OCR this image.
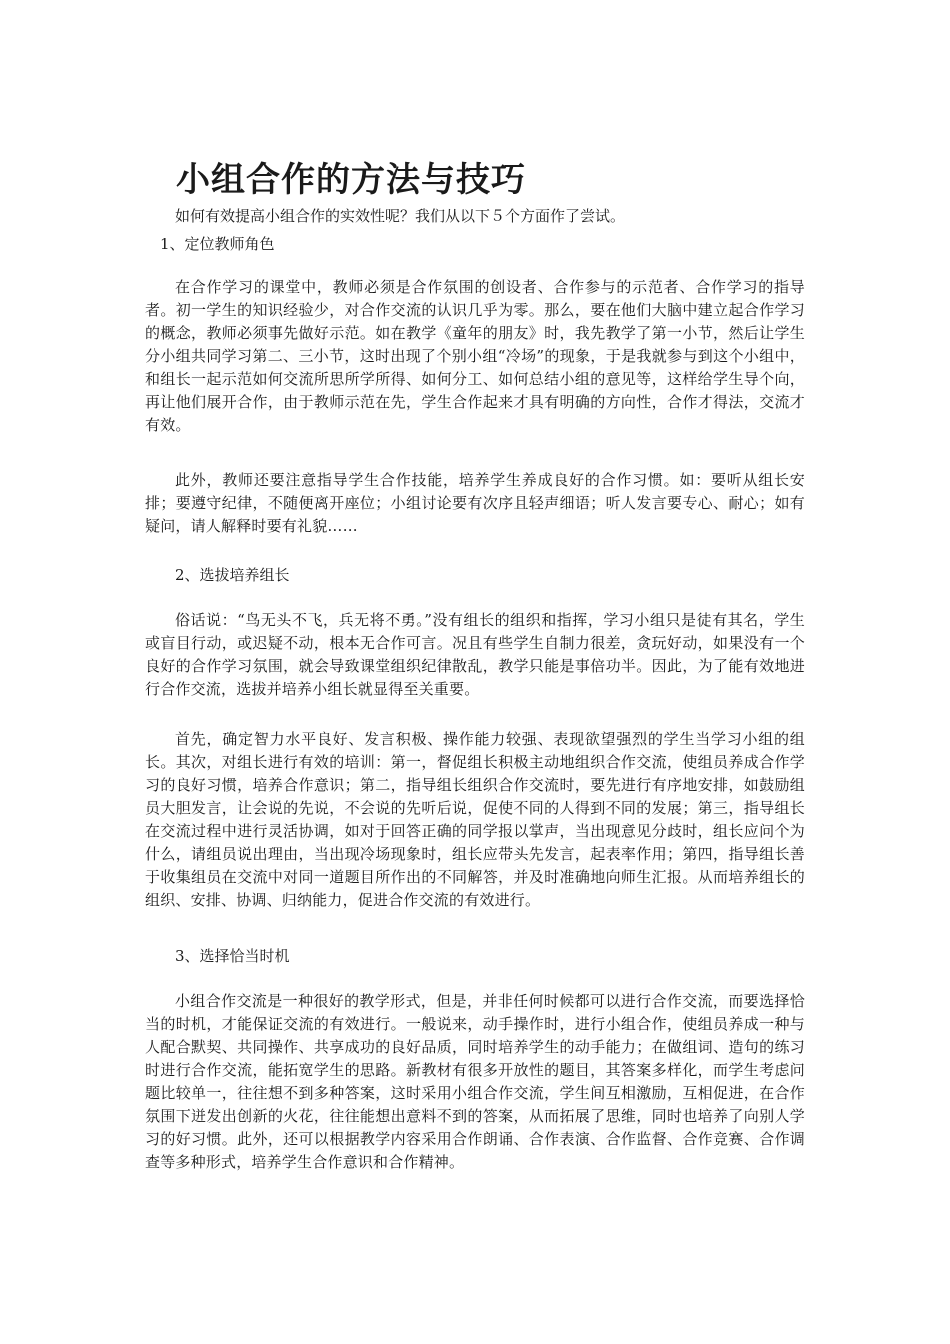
小组合作的方法与技巧

如何有效提高小组合作的实效性呢？我们从以下５个方面作了尝试。

1、定位教师角色

在合作学习的课堂中，教师必须是合作氛围的创设者、合作参与的示范者、合作学习的指导者。初一学生的知识经验少，对合作交流的认识几乎为零。那么，要在他们大脑中建立起合作学习的概念，教师必须事先做好示范。如在教学《童年的朋友》时，我先教学了第一小节，然后让学生分小组共同学习第二、三小节，这时出现了个别小组“冷场”的现象，于是我就参与到这个小组中，和组长一起示范如何交流所思所学所得、如何分工、如何总结小组的意见等，这样给学生导个向，再让他们展开合作，由于教师示范在先，学生合作起来才具有明确的方向性，合作才得法，交流才有效。

此外，教师还要注意指导学生合作技能，培养学生养成良好的合作习惯。如：要听从组长安排；要遵守纪律，不随便离开座位；小组讨论要有次序且轻声细语；听人发言要专心、耐心；如有疑问，请人解释时要有礼貌……

2、选拔培养组长

俗话说：“鸟无头不飞，兵无将不勇。”没有组长的组织和指挥，学习小组只是徒有其名，学生或盲目行动，或迟疑不动，根本无合作可言。况且有些学生自制力很差，贪玩好动，如果没有一个良好的合作学习氛围，就会导致课堂组织纪律散乱，教学只能是事倍功半。因此，为了能有效地进行合作交流，选拔并培养小组长就显得至关重要。

首先，确定智力水平良好、发言积极、操作能力较强、表现欲望强烈的学生当学习小组的组长。其次，对组长进行有效的培训：第一，督促组长积极主动地组织合作交流，使组员养成合作学习的良好习惯，培养合作意识；第二，指导组长组织合作交流时，要先进行有序地安排，如鼓励组员大胆发言，让会说的先说，不会说的先听后说，促使不同的人得到不同的发展；第三，指导组长在交流过程中进行灵活协调，如对于回答正确的同学报以掌声，当出现意见分歧时，组长应问个为什么，请组员说出理由，当出现冷场现象时，组长应带头先发言，起表率作用；第四，指导组长善于收集组员在交流中对同一道题目所作出的不同解答，并及时准确地向师生汇报。从而培养组长的组织、安排、协调、归纳能力，促进合作交流的有效进行。

3、选择恰当时机

小组合作交流是一种很好的教学形式，但是，并非任何时候都可以进行合作交流，而要选择恰当的时机，才能保证交流的有效进行。一般说来，动手操作时，进行小组合作，使组员养成一种与人配合默契、共同操作、共享成功的良好品质，同时培养学生的动手能力；在做组词、造句的练习时进行合作交流，能拓宽学生的思路。新教材有很多开放性的题目，其答案多样化，而学生考虑问题比较单一，往往想不到多种答案，这时采用小组合作交流，学生间互相激励，互相促进，在合作氛围下迸发出创新的火花，往往能想出意料不到的答案，从而拓展了思维，同时也培养了向别人学习的好习惯。此外，还可以根据教学内容采用合作朗诵、合作表演、合作监督、合作竞赛、合作调查等多种形式，培养学生合作意识和合作精神。
